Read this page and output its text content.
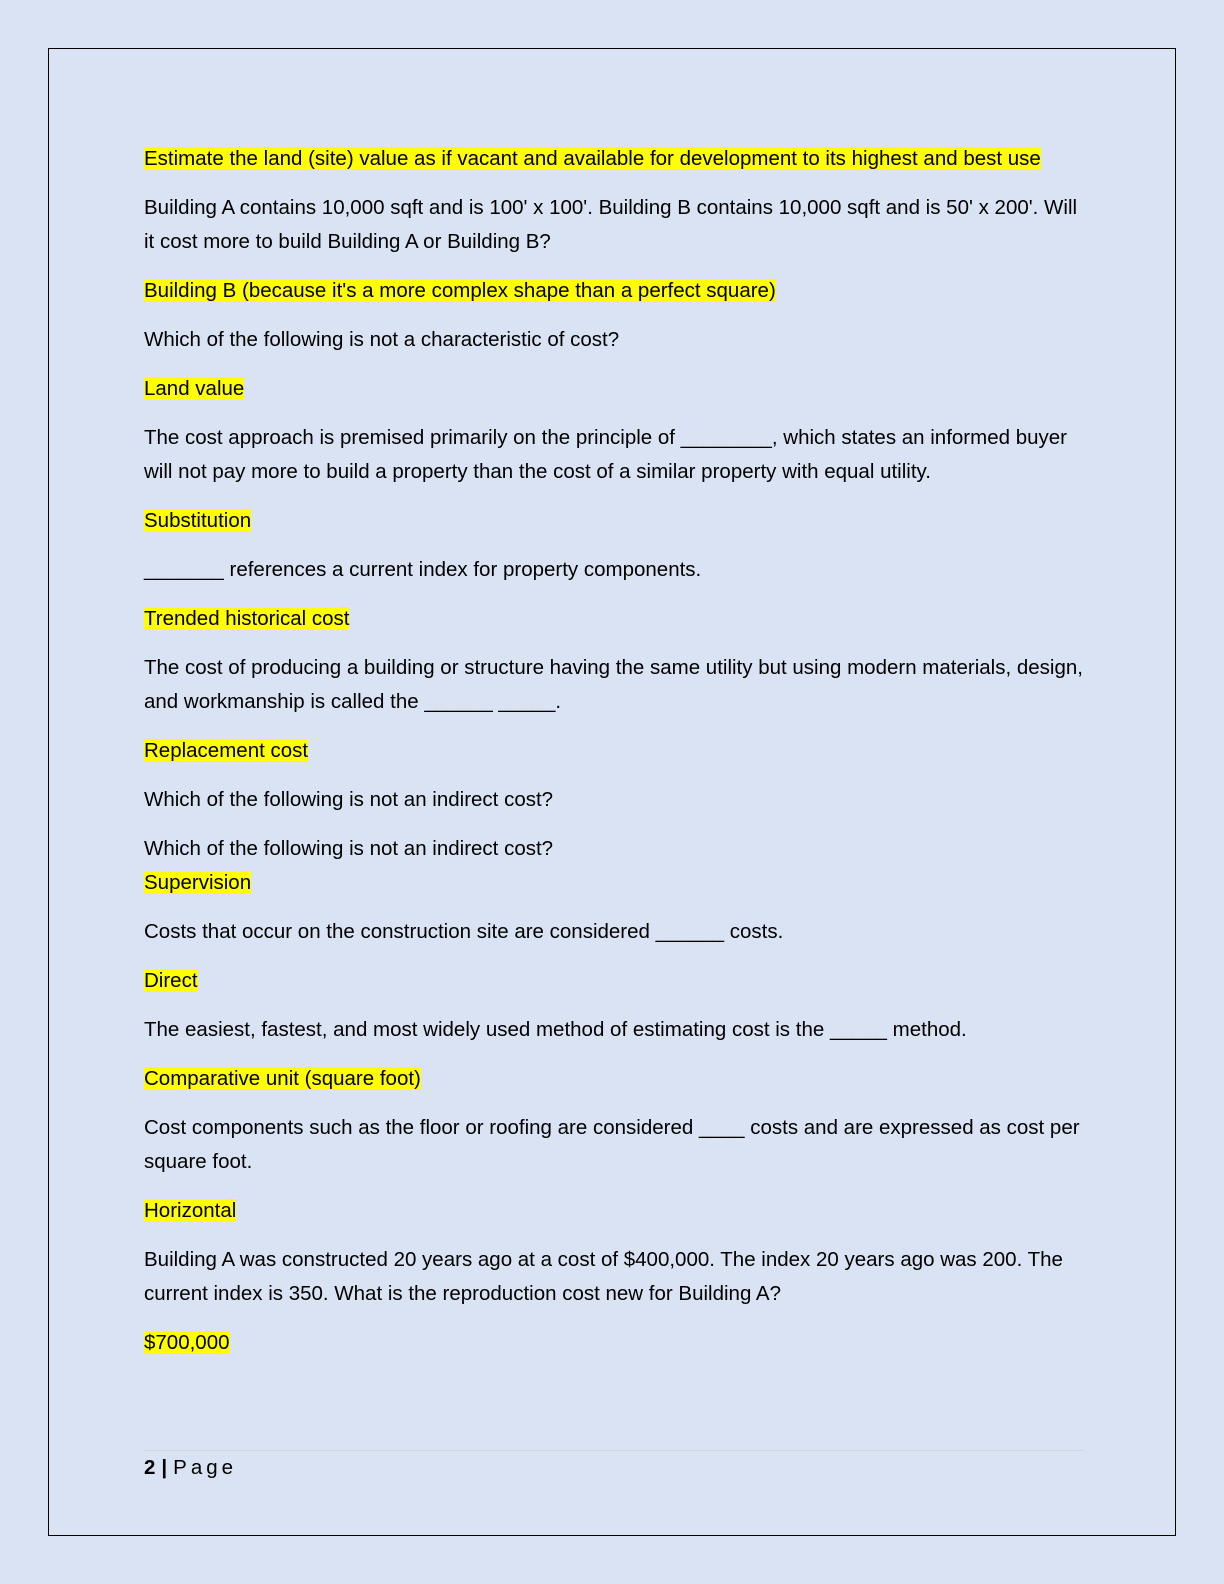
Estimate the land (site) value as if vacant and available for development to its highest and best use

Building A contains 10,000 sqft and is 100' x 100'. Building B contains 10,000 sqft and is 50' x 200'. Will it cost more to build Building A or Building B?

Building B (because it's a more complex shape than a perfect square)

Which of the following is not a characteristic of cost?

Land value

The cost approach is premised primarily on the principle of ________, which states an informed buyer will not pay more to build a property than the cost of a similar property with equal utility.

Substitution

_______ references a current index for property components.

Trended historical cost

The cost of producing a building or structure having the same utility but using modern materials, design, and workmanship is called the ______ _____.

Replacement cost

Which of the following is not an indirect cost?

Which of the following is not an indirect cost?

Supervision

Costs that occur on the construction site are considered ______ costs.

Direct

The easiest, fastest, and most widely used method of estimating cost is the _____ method.

Comparative unit (square foot)

Cost components such as the floor or roofing are considered ____ costs and are expressed as cost per square foot.

Horizontal

Building A was constructed 20 years ago at a cost of $400,000. The index 20 years ago was 200. The current index is 350. What is the reproduction cost new for Building A?

$700,000

2 | Page
